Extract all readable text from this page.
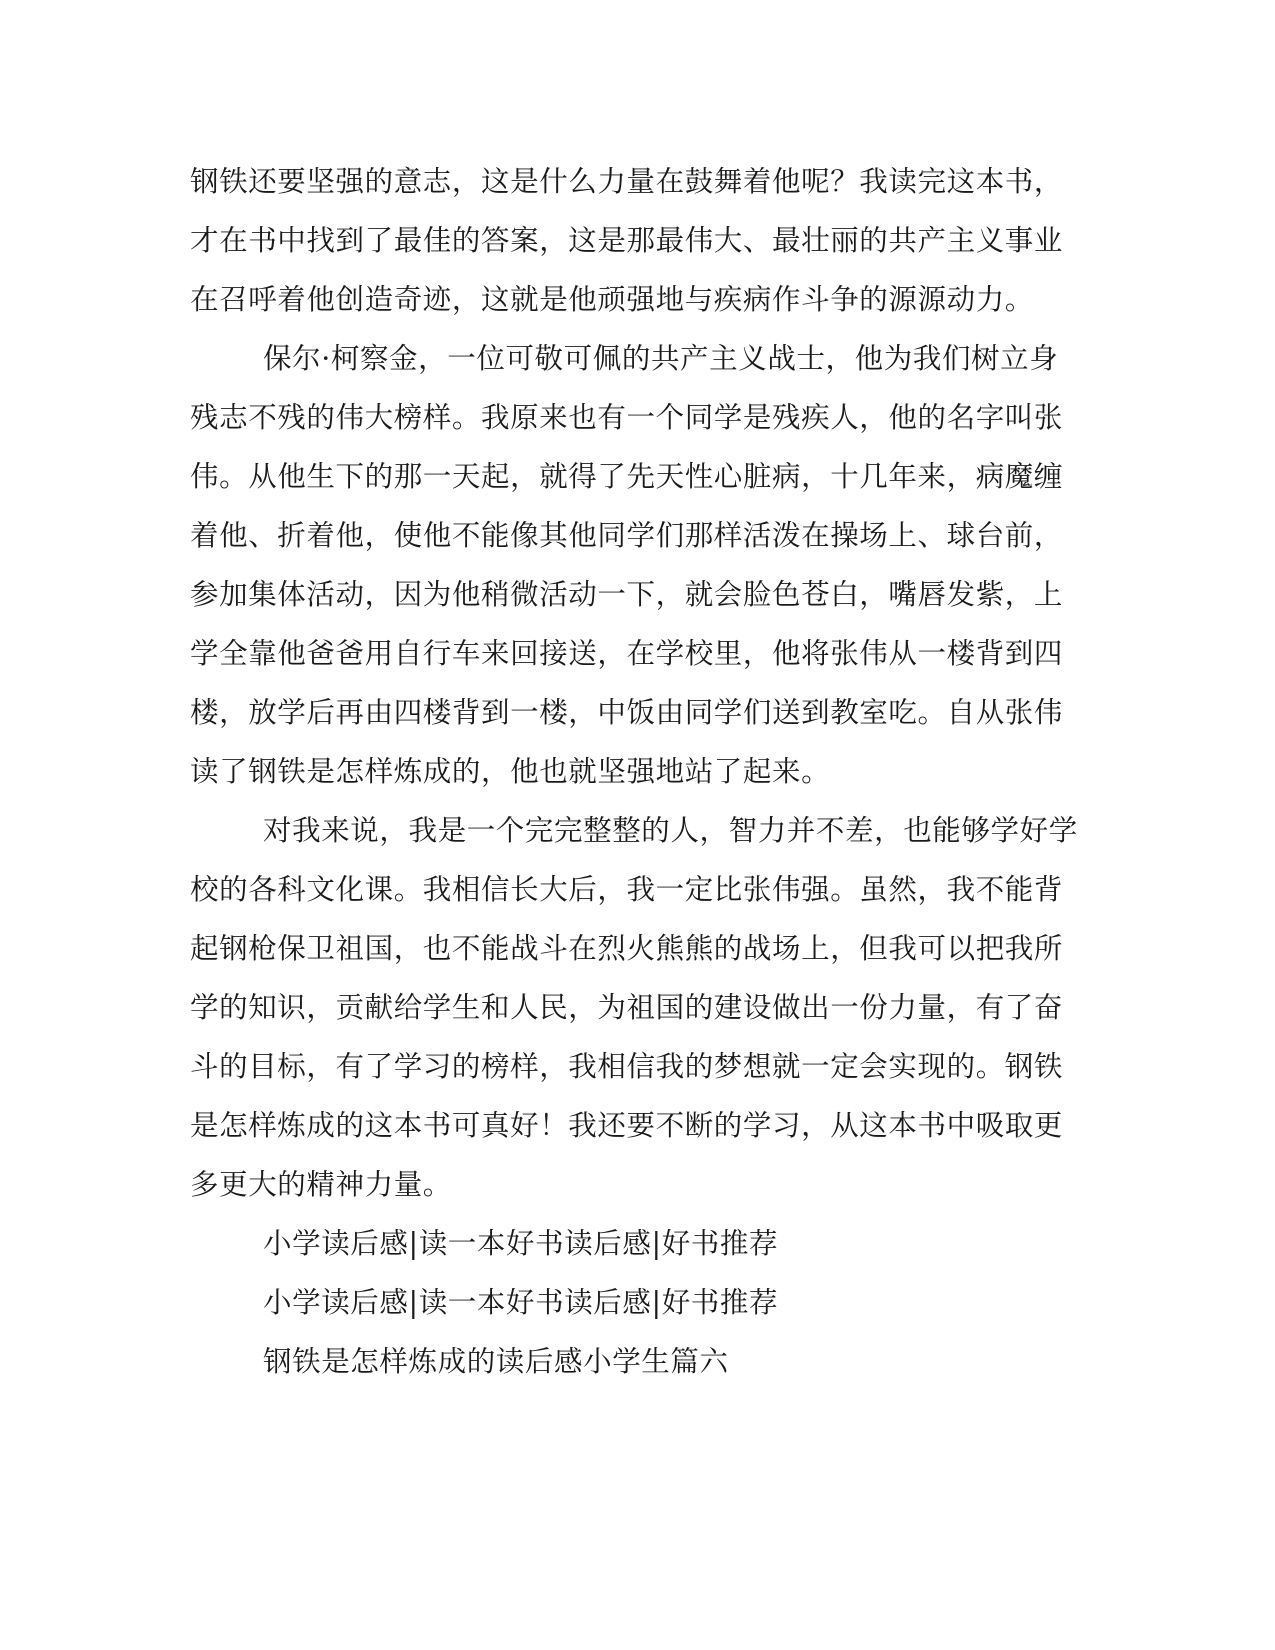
钢铁还要坚强的意志，这是什么力量在鼓舞着他呢？我读完这本书，
才在书中找到了最佳的答案，这是那最伟大、最壮丽的共产主义事业
在召呼着他创造奇迹，这就是他顽强地与疾病作斗争的源源动力。
保尔·柯察金，一位可敬可佩的共产主义战士，他为我们树立身
残志不残的伟大榜样。我原来也有一个同学是残疾人，他的名字叫张
伟。从他生下的那一天起，就得了先天性心脏病，十几年来，病魔缠
着他、折着他，使他不能像其他同学们那样活泼在操场上、球台前，
参加集体活动，因为他稍微活动一下，就会脸色苍白，嘴唇发紫，上
学全靠他爸爸用自行车来回接送，在学校里，他将张伟从一楼背到四
楼，放学后再由四楼背到一楼，中饭由同学们送到教室吃。自从张伟
读了钢铁是怎样炼成的，他也就坚强地站了起来。
对我来说，我是一个完完整整的人，智力并不差，也能够学好学
校的各科文化课。我相信长大后，我一定比张伟强。虽然，我不能背
起钢枪保卫祖国，也不能战斗在烈火熊熊的战场上，但我可以把我所
学的知识，贡献给学生和人民，为祖国的建设做出一份力量，有了奋
斗的目标，有了学习的榜样，我相信我的梦想就一定会实现的。钢铁
是怎样炼成的这本书可真好！我还要不断的学习，从这本书中吸取更
多更大的精神力量。
小学读后感|读一本好书读后感|好书推荐
小学读后感|读一本好书读后感|好书推荐
钢铁是怎样炼成的读后感小学生篇六
